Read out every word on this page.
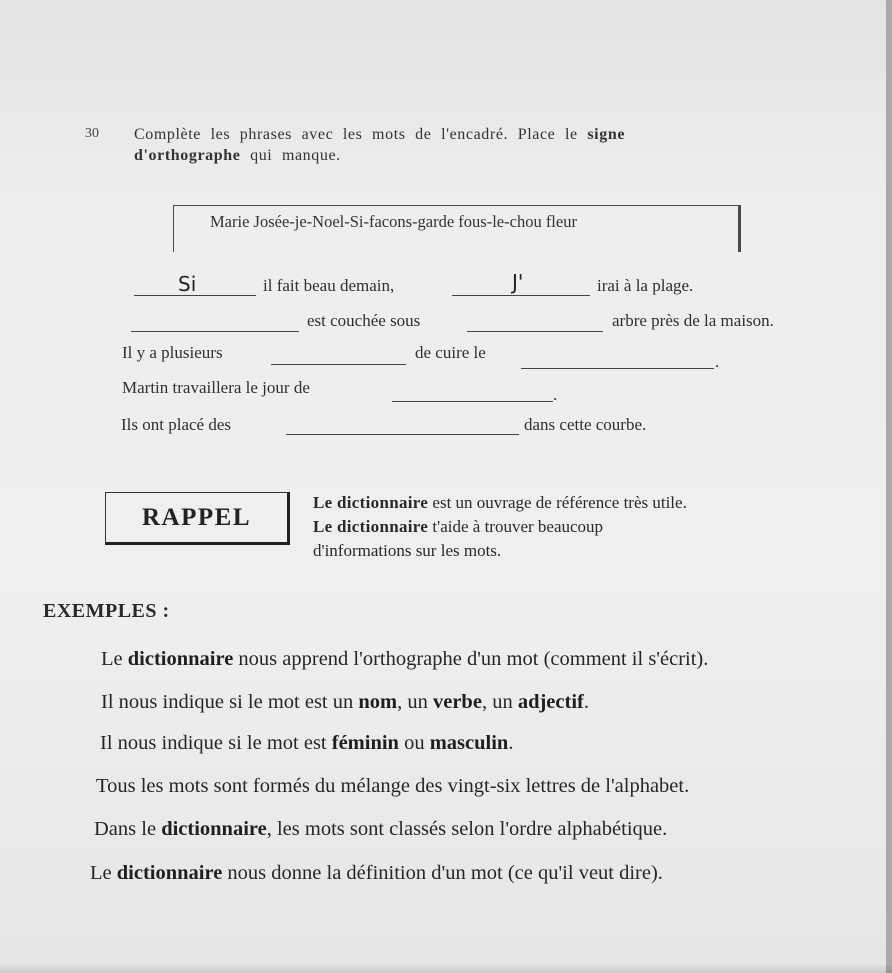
30 Complète les phrases avec les mots de l'encadré. Place le signe
d'orthographe qui manque.
Marie Josée-je-Noel-Si-facons-garde fous-le-chou fleur
Si	il fait beau demain,	J'	irai à la plage.
est couchée sous	arbre près de la maison.
Il y a plusieurs	de cuire le	.
Martin travaillera le jour de	.
Ils ont placé des	dans cette courbe.
RAPPEL
Le dictionnaire est un ouvrage de référence très utile.
Le dictionnaire t'aide à trouver beaucoup
d'informations sur les mots.
EXEMPLES :
Le dictionnaire nous apprend l'orthographe d'un mot (comment il s'écrit).
Il nous indique si le mot est un nom, un verbe, un adjectif.
Il nous indique si le mot est féminin ou masculin.
Tous les mots sont formés du mélange des vingt-six lettres de l'alphabet.
Dans le dictionnaire, les mots sont classés selon l'ordre alphabétique.
Le dictionnaire nous donne la définition d'un mot (ce qu'il veut dire).
